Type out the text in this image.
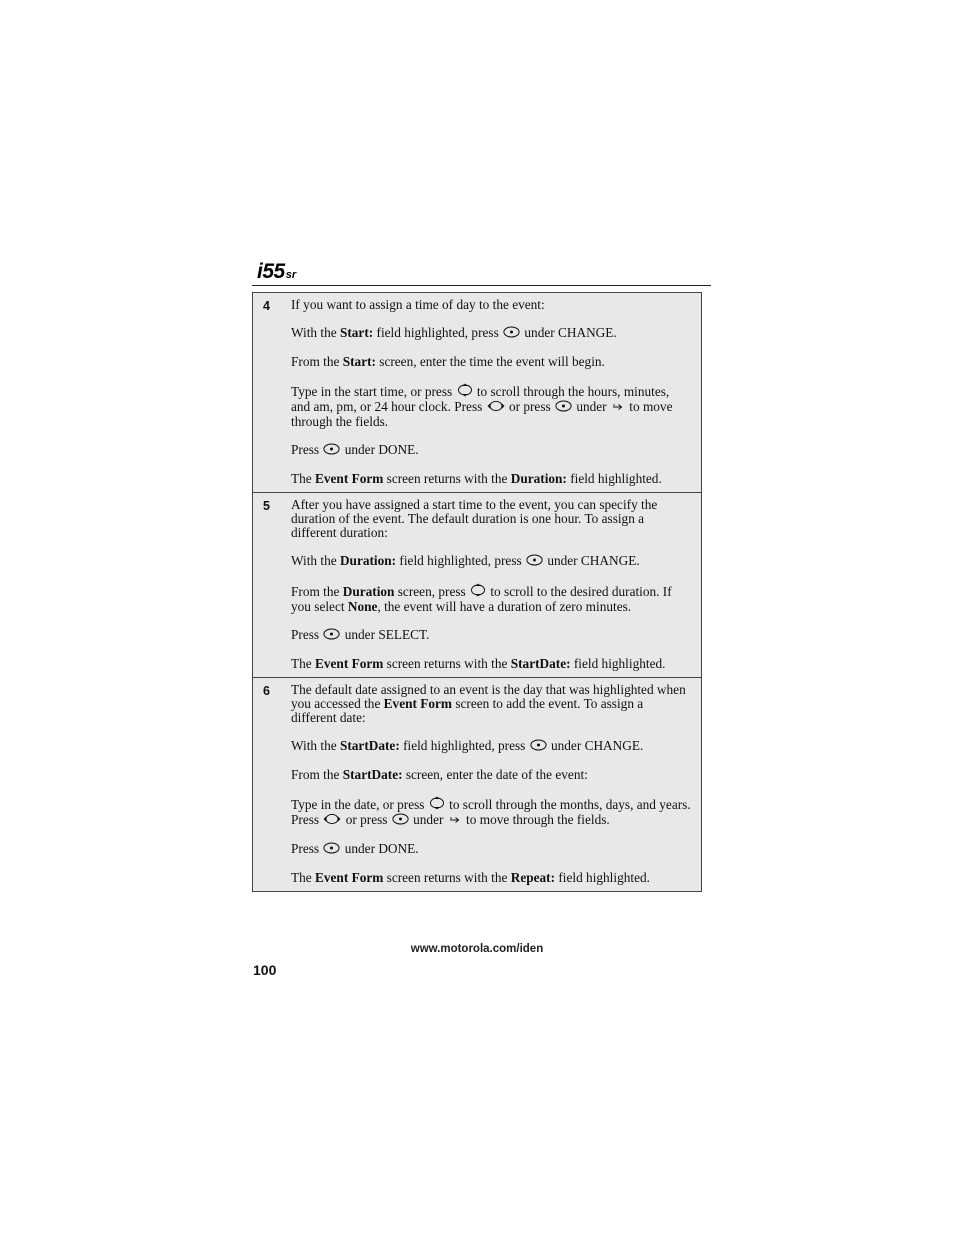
i55sr
4 If you want to assign a time of day to the event:

With the Start: field highlighted, press  under CHANGE.

From the Start: screen, enter the time the event will begin.

Type in the start time, or press  to scroll through the hours, minutes, and am, pm, or 24 hour clock. Press  or press  under  to move through the fields.

Press  under DONE.

The Event Form screen returns with the Duration: field highlighted.

5 After you have assigned a start time to the event, you can specify the duration of the event. The default duration is one hour. To assign a different duration:

With the Duration: field highlighted, press  under CHANGE.

From the Duration screen, press  to scroll to the desired duration. If you select None, the event will have a duration of zero minutes.

Press  under SELECT.

The Event Form screen returns with the StartDate: field highlighted.

6 The default date assigned to an event is the day that was highlighted when you accessed the Event Form screen to add the event. To assign a different date:

With the StartDate: field highlighted, press  under CHANGE.

From the StartDate: screen, enter the date of the event:

Type in the date, or press  to scroll through the months, days, and years. Press  or press  under  to move through the fields.

Press  under DONE.

The Event Form screen returns with the Repeat: field highlighted.

www.motorola.com/iden
100
